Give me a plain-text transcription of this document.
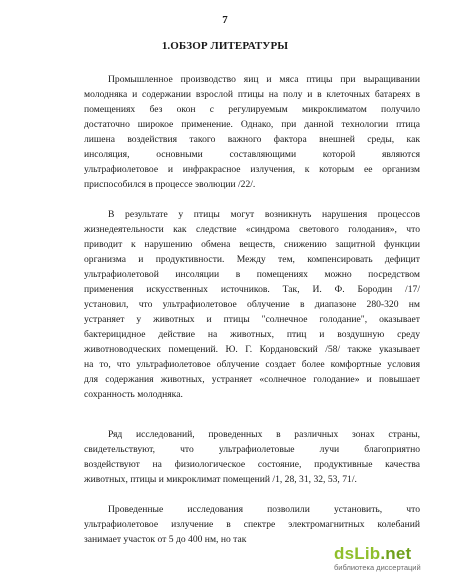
7
1.ОБЗОР ЛИТЕРАТУРЫ
Промышленное производство яиц и мяса птицы при выращивании
молодняка и содержании взрослой птицы на полу и в клеточных батареях в
помещениях без окон с регулируемым микроклиматом получило
достаточно широкое применение. Однако, при данной технологии птица
лишена воздействия такого важного фактора внешней среды, как
инсоляция, основными составляющими которой являются
ультрафиолетовое и инфракрасное излучения, к которым ее организм
приспособился в процессе эволюции /22/.
В результате у птицы могут возникнуть нарушения процессов
жизнедеятельности как следствие «синдрома светового голодания», что
приводит к нарушению обмена веществ, снижению защитной функции
организма и продуктивности. Между тем, компенсировать дефицит
ультрафиолетовой инсоляции в помещениях можно посредством
применения искусственных источников. Так, И. Ф. Бородин /17/
установил, что ультрафиолетовое облучение в диапазоне 280-320 нм
устраняет у животных и птицы "солнечное голодание", оказывает
бактерицидное действие на животных, птиц и воздушную среду
животноводческих помещений. Ю. Г. Кордановский /58/ также указывает
на то, что ультрафиолетовое облучение создает более комфортные условия
для содержания животных, устраняет «солнечное голодание» и повышает
сохранность молодняка.
Ряд исследований, проведенных в различных зонах страны,
свидетельствуют, что ультрафиолетовые лучи благоприятно
воздействуют на физиологическое состояние, продуктивные качества
животных, птицы и микроклимат помещений /1, 28, 31, 32, 53, 71/.
Проведенные исследования позволили установить, что
ультрафиолетовое излучение в спектре электромагнитных колебаний
занимает участок от 5 до 400 нм, но так
dsLib.net
библиотека диссертаций
